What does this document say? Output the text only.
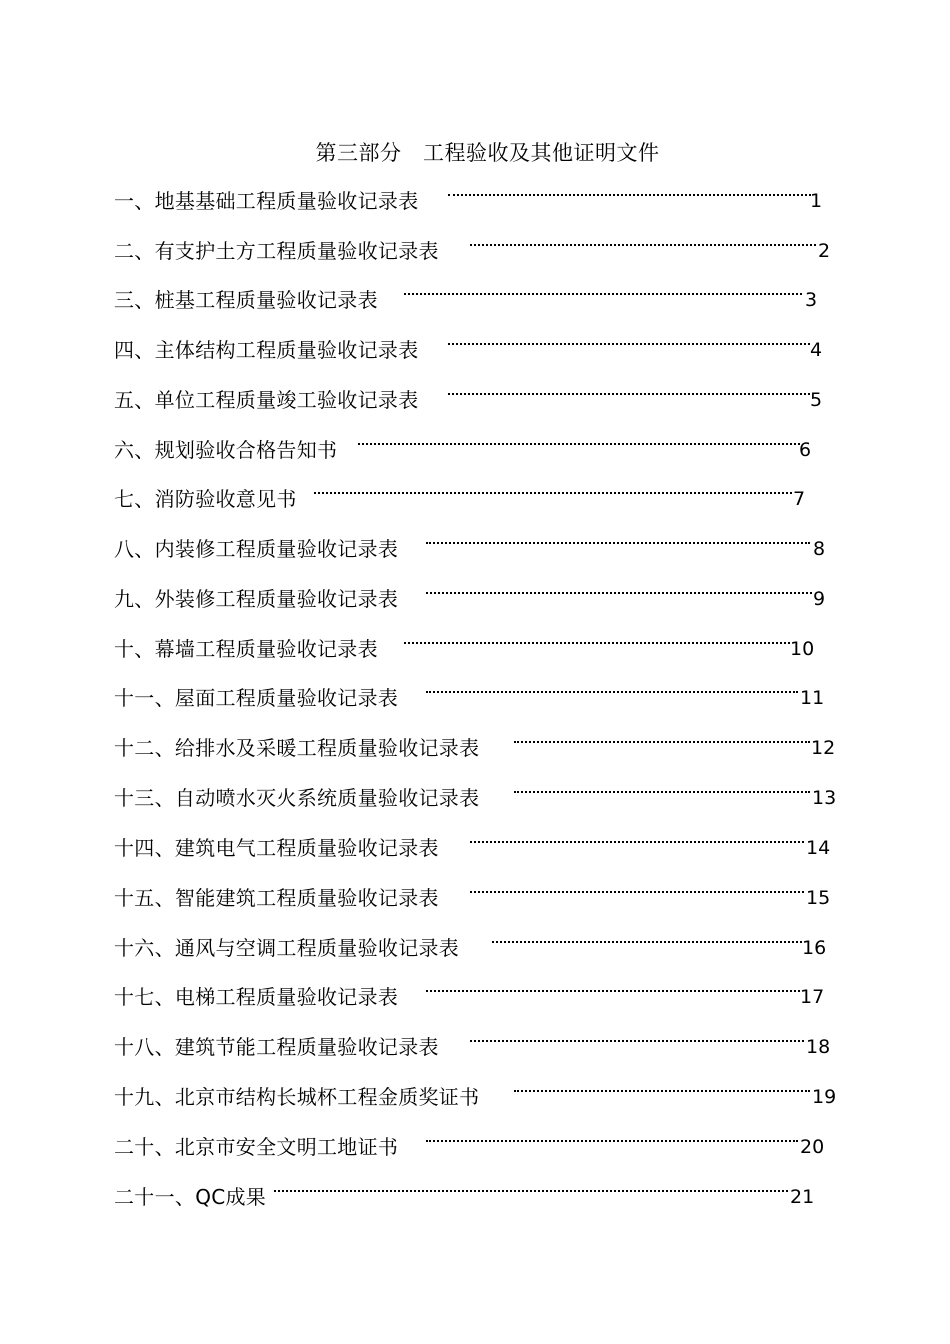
第三部分　工程验收及其他证明文件
一、地基基础工程质量验收记录表	1
二、有支护土方工程质量验收记录表	2
三、桩基工程质量验收记录表	3
四、主体结构工程质量验收记录表	4
五、单位工程质量竣工验收记录表	5
六、规划验收合格告知书	6
七、消防验收意见书	7
八、内装修工程质量验收记录表	8
九、外装修工程质量验收记录表	9
十、幕墙工程质量验收记录表	10
十一、屋面工程质量验收记录表	11
十二、给排水及采暖工程质量验收记录表	12
十三、自动喷水灭火系统质量验收记录表	13
十四、建筑电气工程质量验收记录表	14
十五、智能建筑工程质量验收记录表	15
十六、通风与空调工程质量验收记录表	16
十七、电梯工程质量验收记录表	17
十八、建筑节能工程质量验收记录表	18
十九、北京市结构长城杯工程金质奖证书	19
二十、北京市安全文明工地证书	20
二十一、QC成果	21
